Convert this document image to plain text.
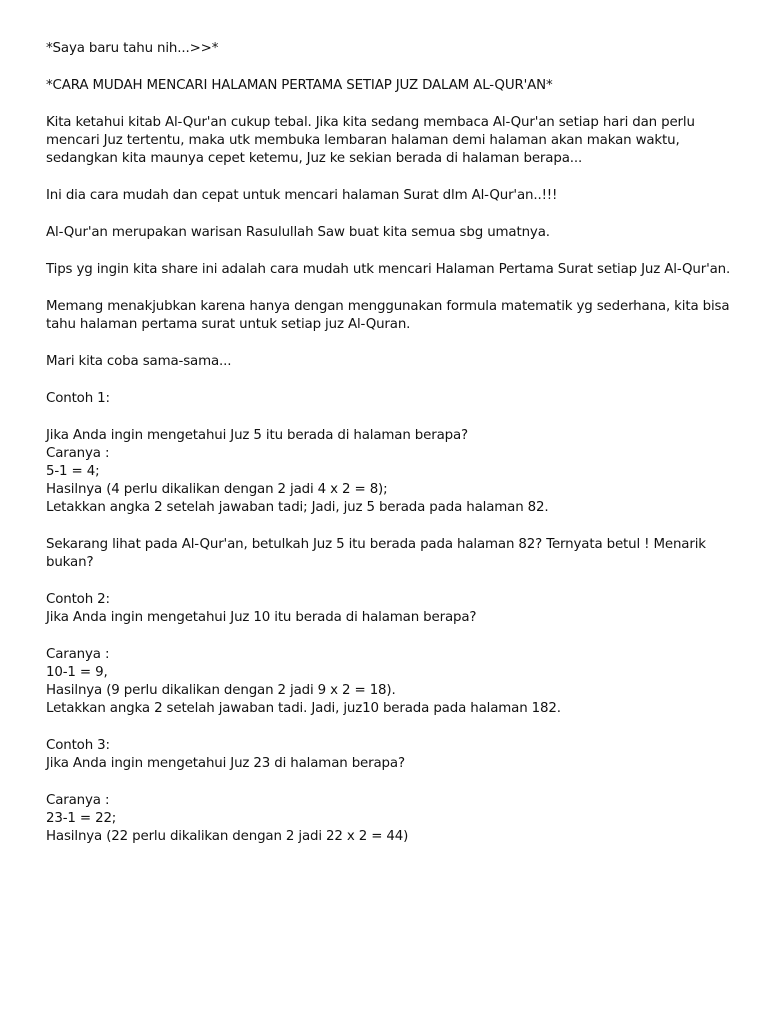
*Saya baru tahu nih...>>*

*CARA MUDAH MENCARI HALAMAN PERTAMA SETIAP JUZ DALAM AL-QUR'AN*

Kita ketahui kitab Al-Qur'an cukup tebal. Jika kita sedang membaca Al-Qur'an setiap hari dan perlu mencari Juz tertentu, maka utk membuka lembaran halaman demi halaman akan makan waktu, sedangkan kita maunya cepet ketemu, Juz ke sekian berada di halaman berapa...

Ini dia cara mudah dan cepat untuk mencari halaman Surat dlm Al-Qur'an..!!!

Al-Qur'an merupakan warisan Rasulullah Saw buat kita semua sbg umatnya.

Tips yg ingin kita share ini adalah cara mudah utk mencari Halaman Pertama Surat setiap Juz Al-Qur'an.

Memang menakjubkan karena hanya dengan menggunakan formula matematik yg sederhana, kita bisa tahu halaman pertama surat untuk setiap juz Al-Quran.

Mari kita coba sama-sama...

Contoh 1:

Jika Anda ingin mengetahui Juz 5 itu berada di halaman berapa?
Caranya :
5-1 = 4;
Hasilnya (4 perlu dikalikan dengan 2 jadi 4 x 2 = 8);
Letakkan angka 2 setelah jawaban tadi; Jadi, juz 5 berada pada halaman 82.

Sekarang lihat pada Al-Qur'an, betulkah Juz 5 itu berada pada halaman 82? Ternyata betul ! Menarik bukan?

Contoh 2:
Jika Anda ingin mengetahui Juz 10 itu berada di halaman berapa?

Caranya :
10-1 = 9,
Hasilnya (9 perlu dikalikan dengan 2 jadi 9 x 2 = 18).
Letakkan angka 2 setelah jawaban tadi. Jadi, juz10 berada pada halaman 182.

Contoh 3:
Jika Anda ingin mengetahui Juz 23 di halaman berapa?

Caranya :
23-1 = 22;
Hasilnya (22 perlu dikalikan dengan 2 jadi 22 x 2 = 44)
